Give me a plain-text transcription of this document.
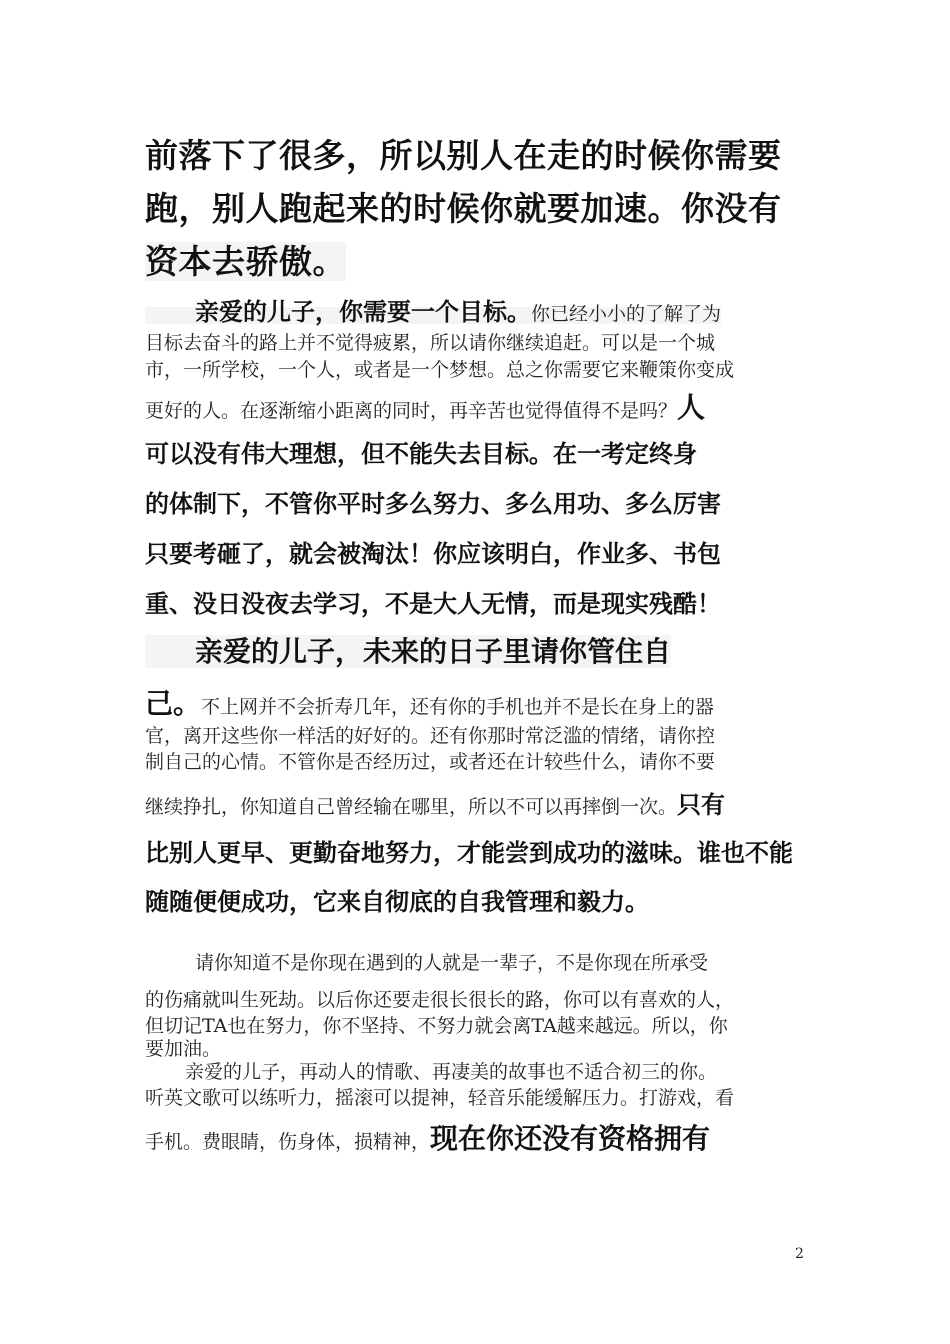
前落下了很多，所以别人在走的时候你需要
跑，别人跑起来的时候你就要加速。你没有
资本去骄傲。
亲爱的儿子，你需要一个目标。你已经小小的了解了为
目标去奋斗的路上并不觉得疲累，所以请你继续追赶。可以是一个城
市，一所学校，一个人，或者是一个梦想。总之你需要它来鞭策你变成
更好的人。在逐渐缩小距离的同时，再辛苦也觉得值得不是吗？人
可以没有伟大理想，但不能失去目标。在一考定终身
的体制下，不管你平时多么努力、多么用功、多么厉害
只要考砸了，就会被淘汰！你应该明白，作业多、书包
重、没日没夜去学习，不是大人无情，而是现实残酷！
亲爱的儿子，未来的日子里请你管住自
己。不上网并不会折寿几年，还有你的手机也并不是长在身上的器
官，离开这些你一样活的好好的。还有你那时常泛滥的情绪，请你控
制自己的心情。不管你是否经历过，或者还在计较些什么，请你不要
继续挣扎，你知道自己曾经输在哪里，所以不可以再摔倒一次。只有
比别人更早、更勤奋地努力，才能尝到成功的滋味。谁也不能
随随便便成功，它来自彻底的自我管理和毅力。
请你知道不是你现在遇到的人就是一辈子，不是你现在所承受
的伤痛就叫生死劫。以后你还要走很长很长的路，你可以有喜欢的人，
但切记TA也在努力，你不坚持、不努力就会离TA越来越远。所以，你
要加油。
亲爱的儿子，再动人的情歌、再凄美的故事也不适合初三的你。
听英文歌可以练听力，摇滚可以提神，轻音乐能缓解压力。打游戏，看
手机。费眼睛，伤身体，损精神，现在你还没有资格拥有
2
